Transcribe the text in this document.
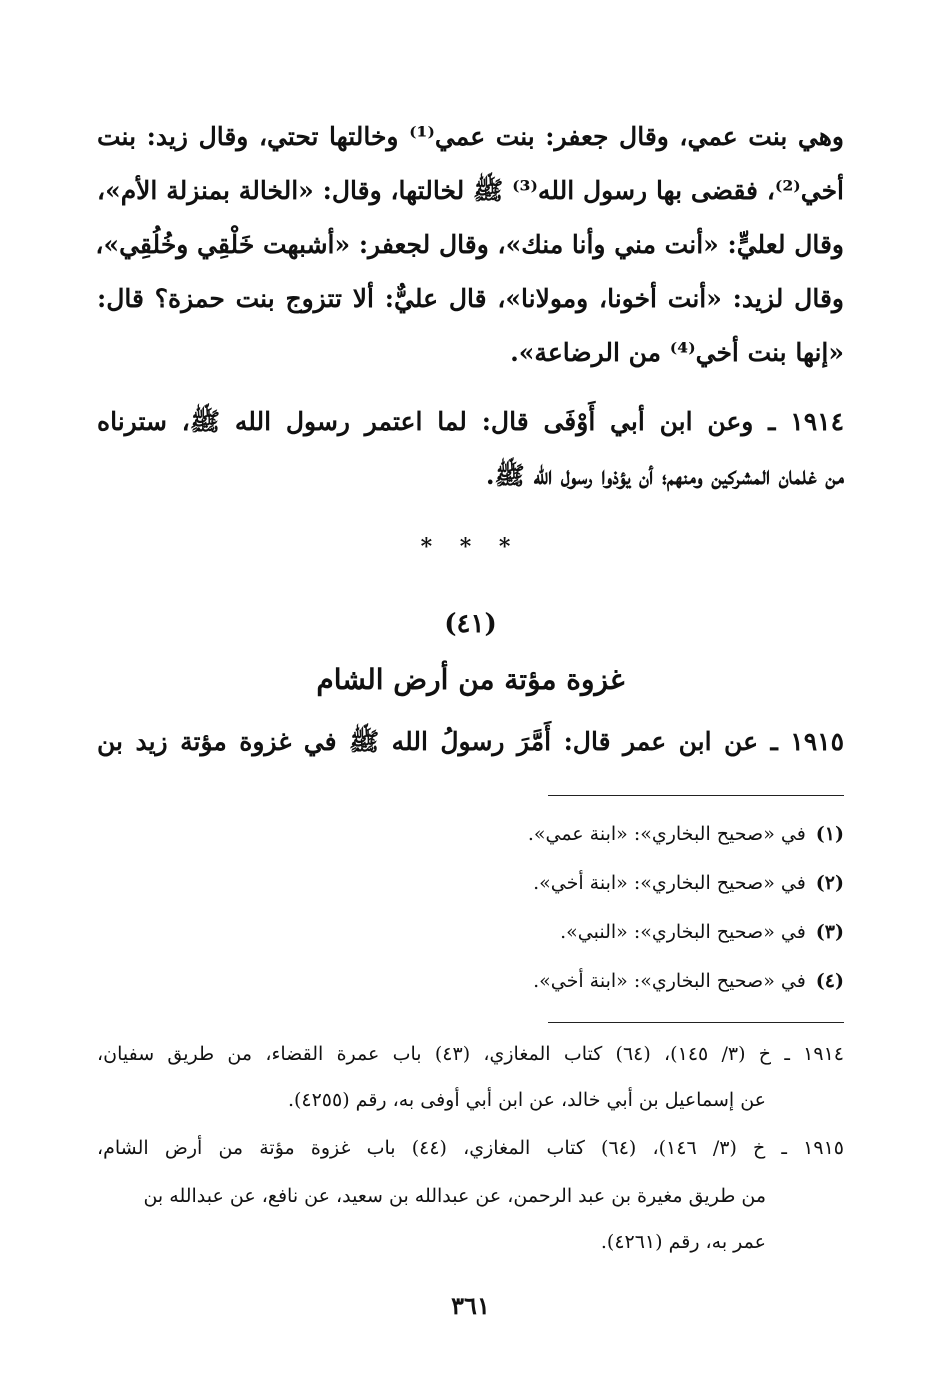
وهي بنت عمي، وقال جعفر: بنت عمي⁽¹⁾ وخالتها تحتي، وقال زيد: بنت
أخي⁽²⁾، فقضى بها رسول الله⁽³⁾ ﷺ لخالتها، وقال: «الخالة بمنزلة الأم»،
وقال لعليٍّ: «أنت مني وأنا منك»، وقال لجعفر: «أشبهت خَلْقِي وخُلُقِي»،
وقال لزيد: «أنت أخونا، ومولانا»، قال عليٌّ: ألا تتزوج بنت حمزة؟ قال:
«إنها بنت أخي⁽⁴⁾ من الرضاعة».
١٩١٤ ـ وعن ابن أبي أَوْفَى قال: لما اعتمر رسول الله ﷺ، سترناه
من غلمان المشركين ومنهم؛ أن يؤذوا رسول الله ﷺ.
* * *
(٤١)
غزوة مؤتة من أرض الشام
١٩١٥ ـ عن ابن عمر قال: أَمَّرَ رسولُ الله ﷺ في غزوة مؤتة زيد بن
(١)في «صحيح البخاري»: «ابنة عمي».
(٢)في «صحيح البخاري»: «ابنة أخي».
(٣)في «صحيح البخاري»: «النبي».
(٤)في «صحيح البخاري»: «ابنة أخي».
١٩١٤ ـ خ (٣/ ١٤٥)، (٦٤) كتاب المغازي، (٤٣) باب عمرة القضاء، من طريق سفيان،
عن إسماعيل بن أبي خالد، عن ابن أبي أوفى به، رقم (٤٢٥٥).
١٩١٥ ـ خ (٣/ ١٤٦)، (٦٤) كتاب المغازي، (٤٤) باب غزوة مؤتة من أرض الشام،
من طريق مغيرة بن عبد الرحمن، عن عبدالله بن سعيد، عن نافع، عن عبدالله بن
عمر به، رقم (٤٢٦١).
٣٦١
